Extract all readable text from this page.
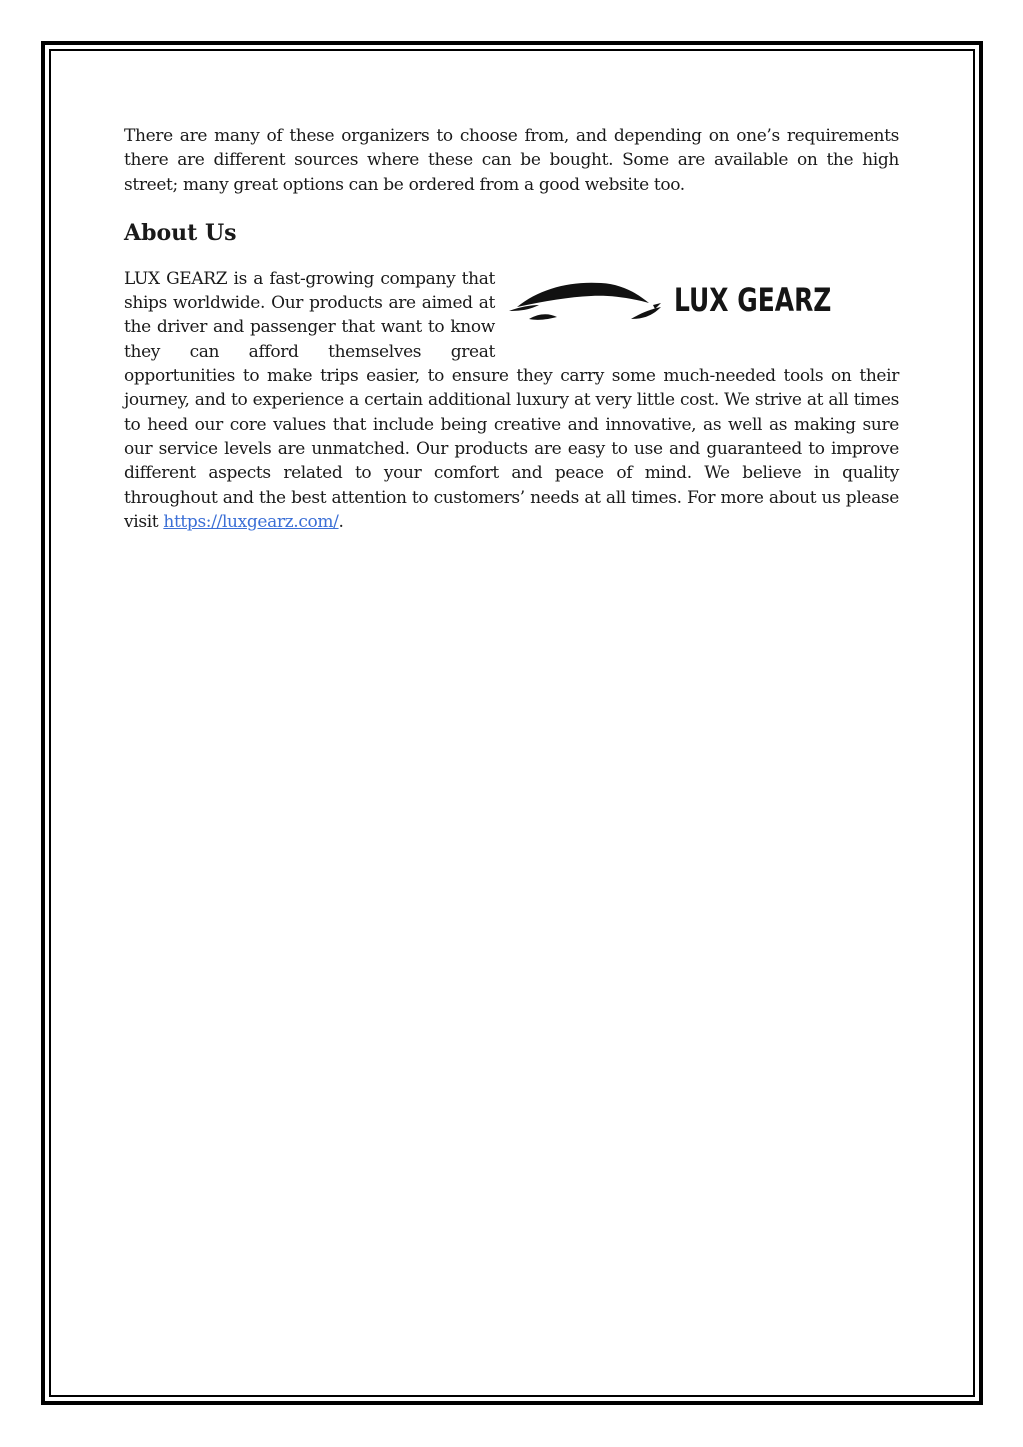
There are many of these organizers to choose from, and depending on one’s requirements there are different sources where these can be bought. Some are available on the high street; many great options can be ordered from a good website too.

About Us
LUX GEARZ

LUX GEARZ is a fast-growing company that ships worldwide. Our products are aimed at the driver and passenger that want to know they can afford themselves great opportunities to make trips easier, to ensure they carry some much-needed tools on their journey, and to experience a certain additional luxury at very little cost. We strive at all times to heed our core values that include being creative and innovative, as well as making sure our service levels are unmatched. Our products are easy to use and guaranteed to improve different aspects related to your comfort and peace of mind. We believe in quality throughout and the best attention to customers’ needs at all times. For more about us please visit https://luxgearz.com/.
